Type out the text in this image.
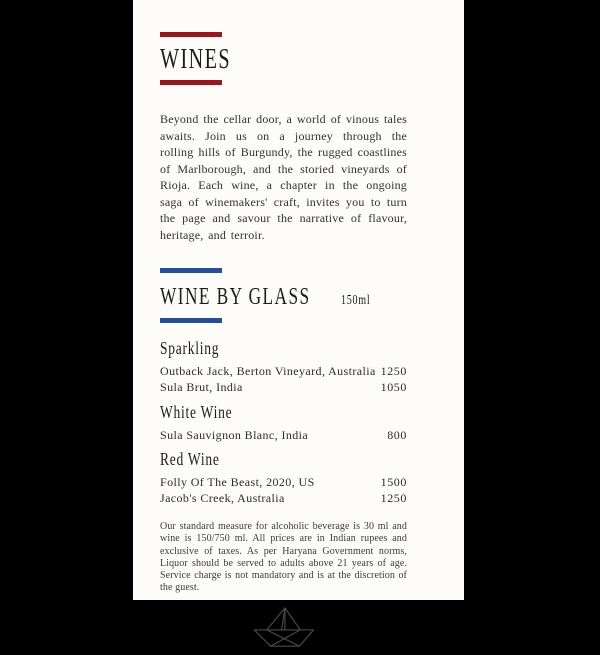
WINES

Beyond the cellar door, a world of vinous tales awaits. Join us on a journey through the rolling hills of Burgundy, the rugged coastlines of Marlborough, and the storied vineyards of Rioja. Each wine, a chapter in the ongoing saga of winemakers' craft, invites you to turn the page and savour the narrative of flavour, heritage, and terroir.

WINE BY GLASS	150ml
Sparkling
Outback Jack, Berton Vineyard, Australia 1250
Sula Brut, India	1050
White Wine
Sula Sauvignon Blanc, India	800
Red Wine
Folly Of The Beast, 2020, US	1500
Jacob's Creek, Australia	1250

Our standard measure for alcoholic beverage is 30 ml and wine is 150/750 ml. All prices are in Indian rupees and exclusive of taxes. As per Haryana Government norms, Liquor should be served to adults above 21 years of age. Service charge is not mandatory and is at the discretion of the guest.
